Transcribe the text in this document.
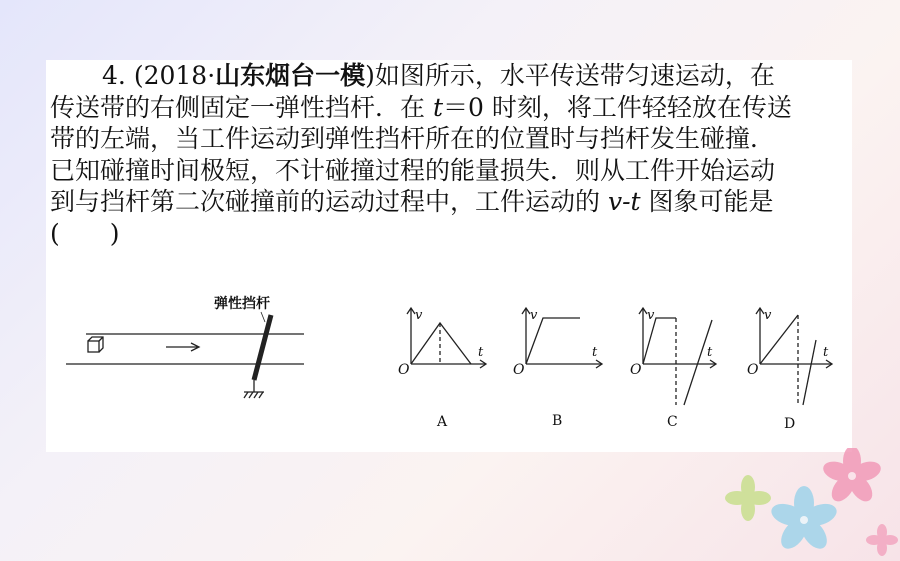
4. (2018·山东烟台一模)如图所示，水平传送带匀速运动，在
传送带的右侧固定一弹性挡杆．在 t＝0 时刻，将工件轻轻放在传送
带的左端，当工件运动到弹性挡杆所在的位置时与挡杆发生碰撞．
已知碰撞时间极短，不计碰撞过程的能量损失．则从工件开始运动
到与挡杆第二次碰撞前的运动过程中，工件运动的 v-t 图象可能是
(　　)
弹性挡杆
v
t
O
A
v
t
O
B
v
t
O
C
v
t
O
D
